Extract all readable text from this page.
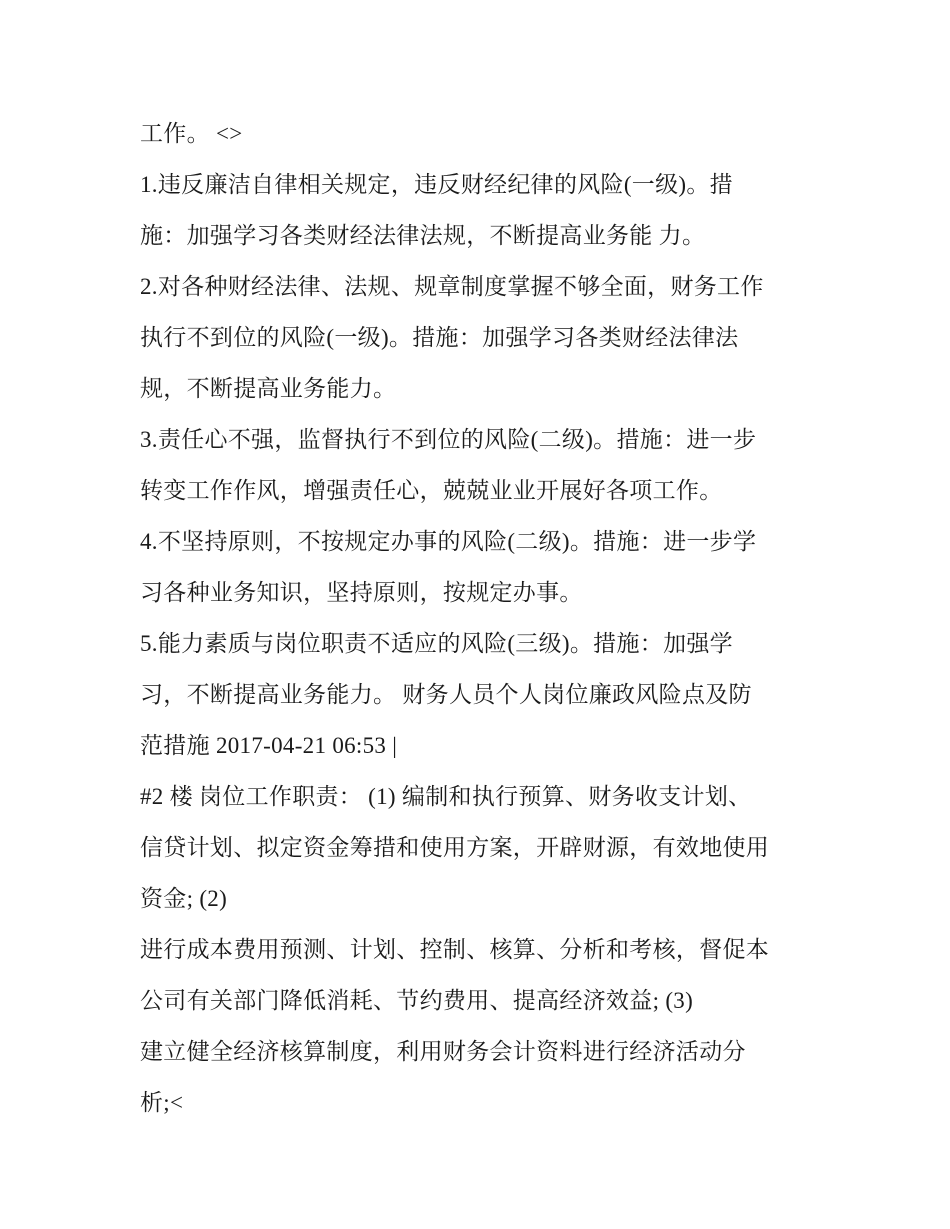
工作。 <>
1.违反廉洁自律相关规定，违反财经纪律的风险(一级)。措
施：加强学习各类财经法律法规，不断提高业务能 力。
2.对各种财经法律、法规、规章制度掌握不够全面，财务工作
执行不到位的风险(一级)。措施：加强学习各类财经法律法
规，不断提高业务能力。
3.责任心不强，监督执行不到位的风险(二级)。措施：进一步
转变工作作风，增强责任心，兢兢业业开展好各项工作。
4.不坚持原则，不按规定办事的风险(二级)。措施：进一步学
习各种业务知识，坚持原则，按规定办事。
5.能力素质与岗位职责不适应的风险(三级)。措施：加强学
习，不断提高业务能力。 财务人员个人岗位廉政风险点及防
范措施 2017-04-21 06:53 |
#2 楼 岗位工作职责： (1) 编制和执行预算、财务收支计划、
信贷计划、拟定资金筹措和使用方案，开辟财源，有效地使用
资金; (2)
进行成本费用预测、计划、控制、核算、分析和考核，督促本
公司有关部门降低消耗、节约费用、提高经济效益; (3)
建立健全经济核算制度，利用财务会计资料进行经济活动分
析;<
